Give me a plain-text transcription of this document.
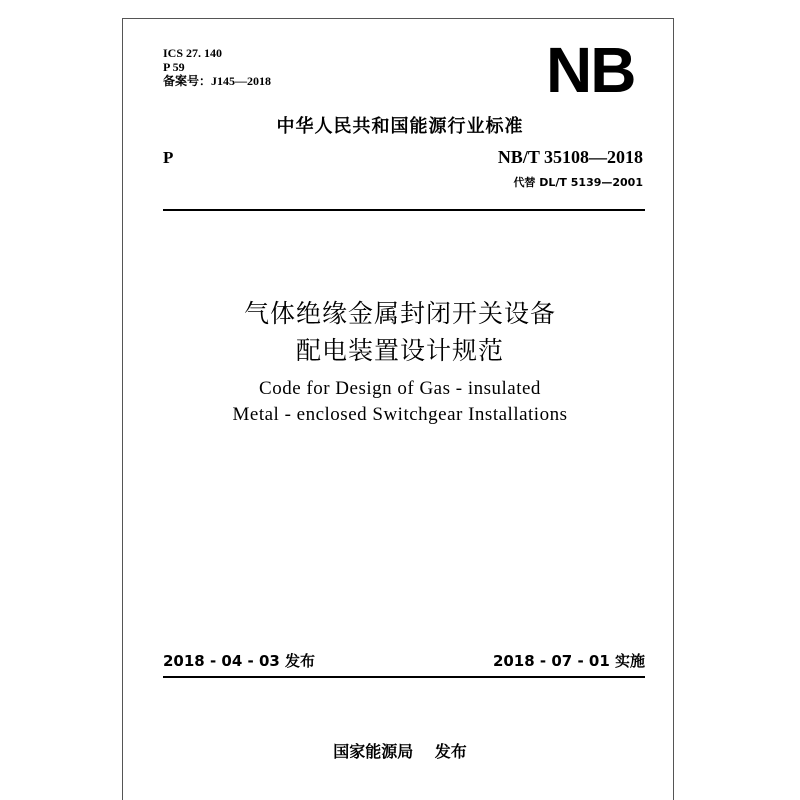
ICS 27. 140
P 59
备案号：J145—2018	NB
中华人民共和国能源行业标准
P	NB/T 35108—2018
代替 DL/T 5139—2001
气体绝缘金属封闭开关设备
配电装置设计规范
Code for Design of Gas - insulated
Metal - enclosed Switchgear Installations
2018 - 04 - 03 发布	2018 - 07 - 01 实施
国家能源局　 发布
